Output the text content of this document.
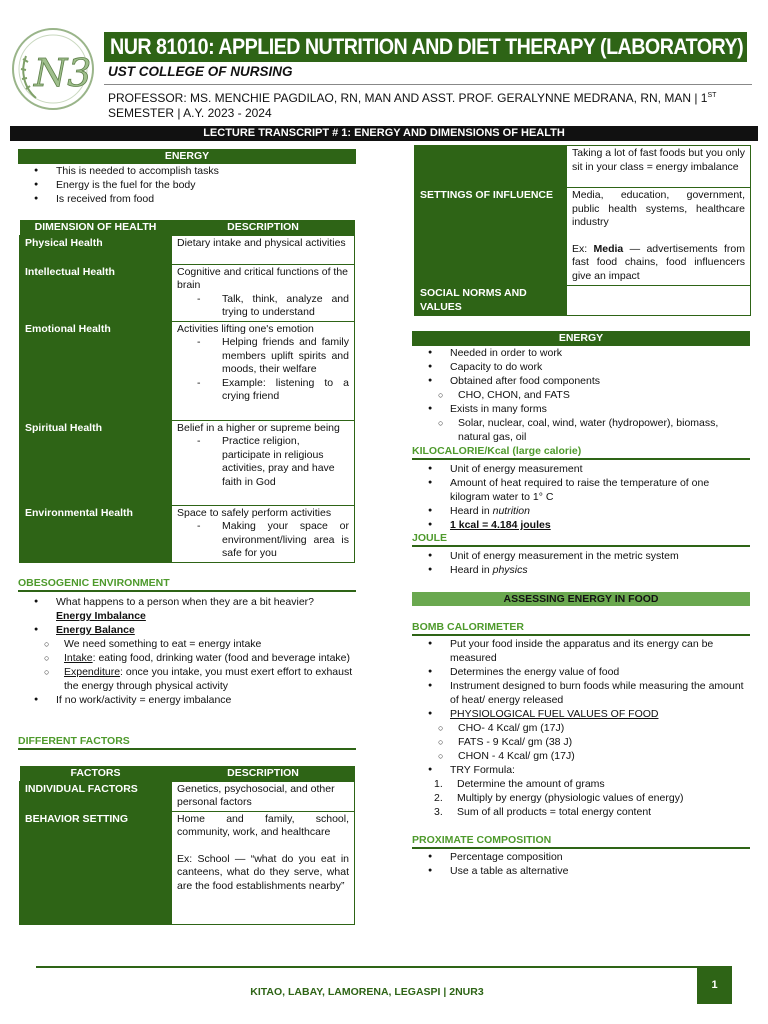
N3
NUR 81010: APPLIED NUTRITION AND DIET THERAPY (LABORATORY)
UST COLLEGE OF NURSING
PROFESSOR: MS. MENCHIE PAGDILAO, RN, MAN AND ASST. PROF. GERALYNNE MEDRANA, RN, MAN | 1ST
SEMESTER | A.Y. 2023 - 2024
LECTURE TRANSCRIPT # 1: ENERGY AND DIMENSIONS OF HEALTH
ENERGY
● This is needed to accomplish tasks
● Energy is the fuel for the body
● Is received from food
DIMENSION OF HEALTH	DESCRIPTION
Physical Health	Dietary intake and physical activities
Intellectual Health	Cognitive and critical functions of the brain
- Talk, think, analyze and trying to understand

Emotional Health	Activities lifting one's emotion
- Helping friends and family members uplift spirits and moods, their welfare
- Example: listening to a crying friend

Spiritual Health	Belief in a higher or supreme being
- Practice religion, participate in religious activities, pray and have faith in God

Environmental Health	Space to safely perform activities
- Making your space or environment/living area is safe for you
OBESOGENIC ENVIRONMENT
● What happens to a person when they are a bit heavier?
Energy Imbalance
● Energy Balance
○ We need something to eat = energy intake
○ Intake: eating food, drinking water (food and beverage intake)
○ Expenditure: once you intake, you must exert effort to exhaust the energy through physical activity
● If no work/activity = energy imbalance
DIFFERENT FACTORS
FACTORS	DESCRIPTION
INDIVIDUAL FACTORS	Genetics, psychosocial, and other personal factors
BEHAVIOR SETTING	Home and family, school, community, work, and healthcare
Ex: School — “what do you eat in canteens, what do they serve, what are the food establishments nearby”
	Taking a lot of fast foods but you only sit in your class = energy imbalance
SETTINGS OF INFLUENCE	Media, education, government, public health systems, healthcare industry
Ex: Media — advertisements from fast food chains, food influencers give an impact

SOCIAL NORMS AND VALUES	
ENERGY
● Needed in order to work
● Capacity to do work
● Obtained after food components
○ CHO, CHON, and FATS
● Exists in many forms
○ Solar, nuclear, coal, wind, water (hydropower), biomass, natural gas, oil
KILOCALORIE/Kcal (large calorie)
● Unit of energy measurement
● Amount of heat required to raise the temperature of one kilogram water to 1° C
● Heard in nutrition
● 1 kcal = 4.184 joules
JOULE
● Unit of energy measurement in the metric system
● Heard in physics
ASSESSING ENERGY IN FOOD
BOMB CALORIMETER
● Put your food inside the apparatus and its energy can be measured
● Determines the energy value of food
● Instrument designed to burn foods while measuring the amount of heat/ energy released
● PHYSIOLOGICAL FUEL VALUES OF FOOD
○ CHO- 4 Kcal/ gm (17J)
○ FATS - 9 Kcal/ gm (38 J)
○ CHON - 4 Kcal/ gm (17J)
● TRY Formula:
1. Determine the amount of grams
2. Multiply by energy (physiologic values of energy)
3. Sum of all products = total energy content
PROXIMATE COMPOSITION
● Percentage composition
● Use a table as alternative
KITAO, LABAY, LAMORENA, LEGASPI | 2NUR3
1
